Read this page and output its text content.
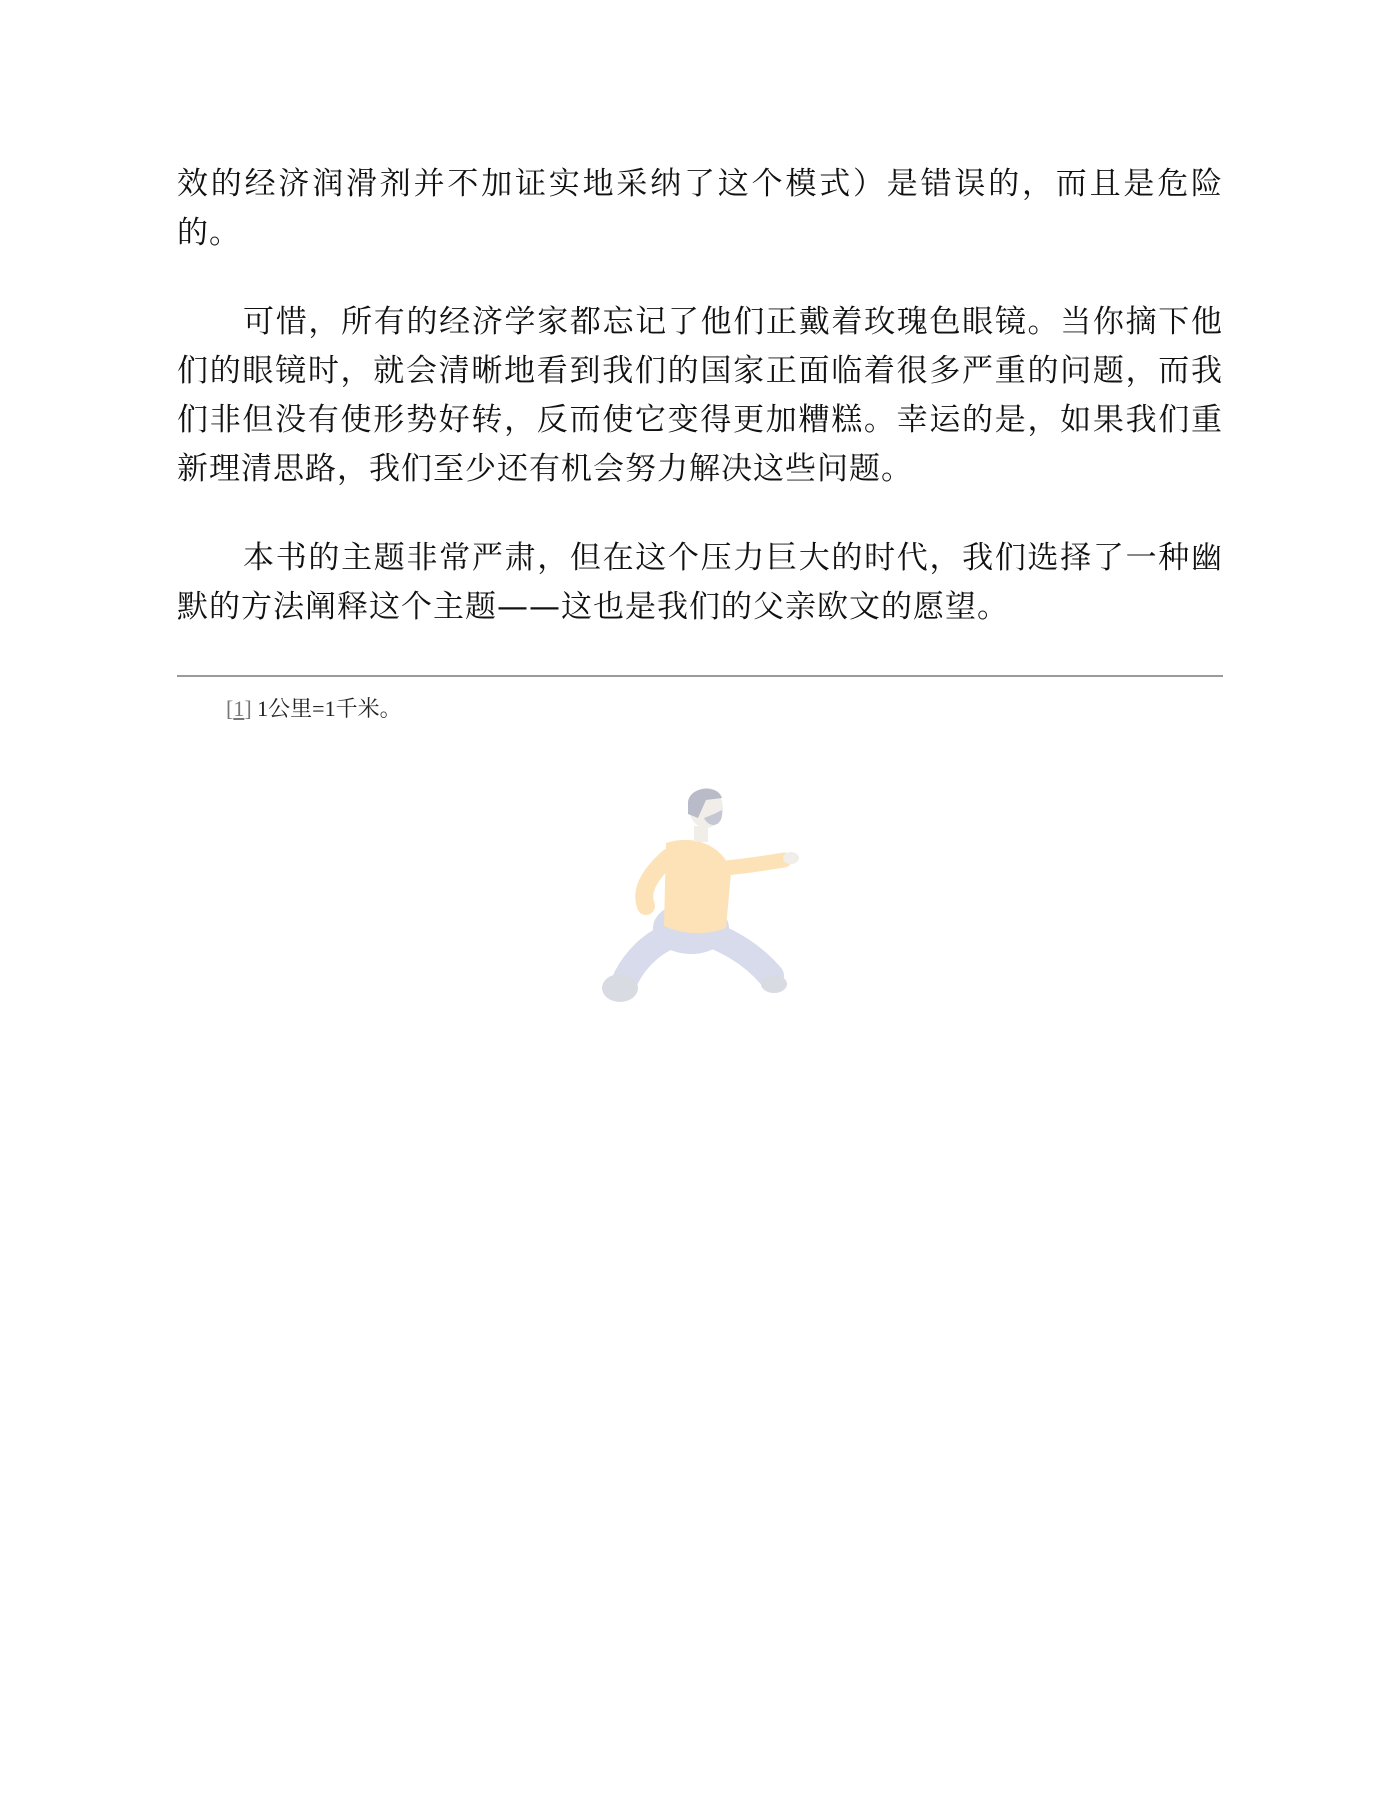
效的经济润滑剂并不加证实地采纳了这个模式）是错误的，而且是危险的。

可惜，所有的经济学家都忘记了他们正戴着玫瑰色眼镜。当你摘下他们的眼镜时，就会清晰地看到我们的国家正面临着很多严重的问题，而我们非但没有使形势好转，反而使它变得更加糟糕。幸运的是，如果我们重新理清思路，我们至少还有机会努力解决这些问题。

本书的主题非常严肃，但在这个压力巨大的时代，我们选择了一种幽默的方法阐释这个主题——这也是我们的父亲欧文的愿望。

[1] 1公里=1千米。
